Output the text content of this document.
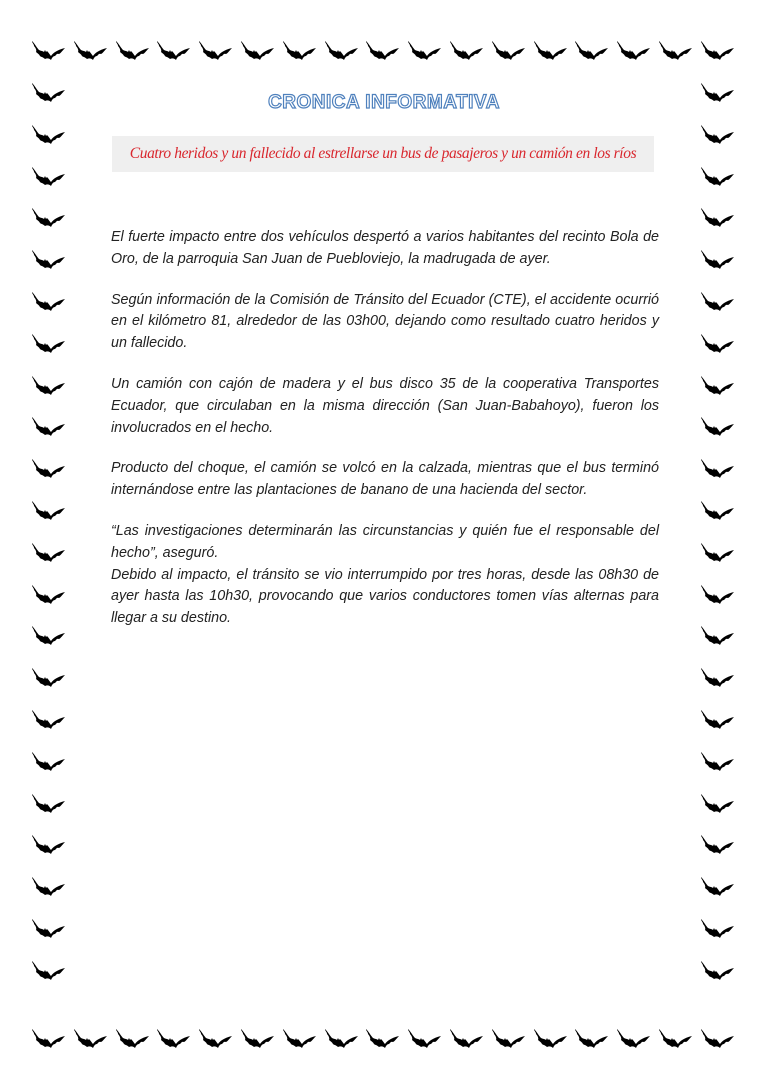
CRONICA INFORMATIVA
Cuatro heridos y un fallecido al estrellarse un bus de pasajeros y un camión en los ríos

El fuerte impacto entre dos vehículos despertó a varios habitantes del recinto Bola de Oro, de la parroquia San Juan de Puebloviejo, la madrugada de ayer.

Según información de la Comisión de Tránsito del Ecuador (CTE), el accidente ocurrió en el kilómetro 81, alrededor de las 03h00, dejando como resultado cuatro heridos y un fallecido.

Un camión con cajón de madera y el bus disco 35 de la cooperativa Transportes Ecuador, que circulaban en la misma dirección (San Juan-Babahoyo), fueron los involucrados en el hecho.

Producto del choque, el camión se volcó en la calzada, mientras que el bus terminó internándose entre las plantaciones de banano de una hacienda del sector.

“Las investigaciones determinarán las circunstancias y quién fue el responsable del hecho”, aseguró.

Debido al impacto, el tránsito se vio interrumpido por tres horas, desde las 08h30 de ayer hasta las 10h30, provocando que varios conductores tomen vías alternas para llegar a su destino.
